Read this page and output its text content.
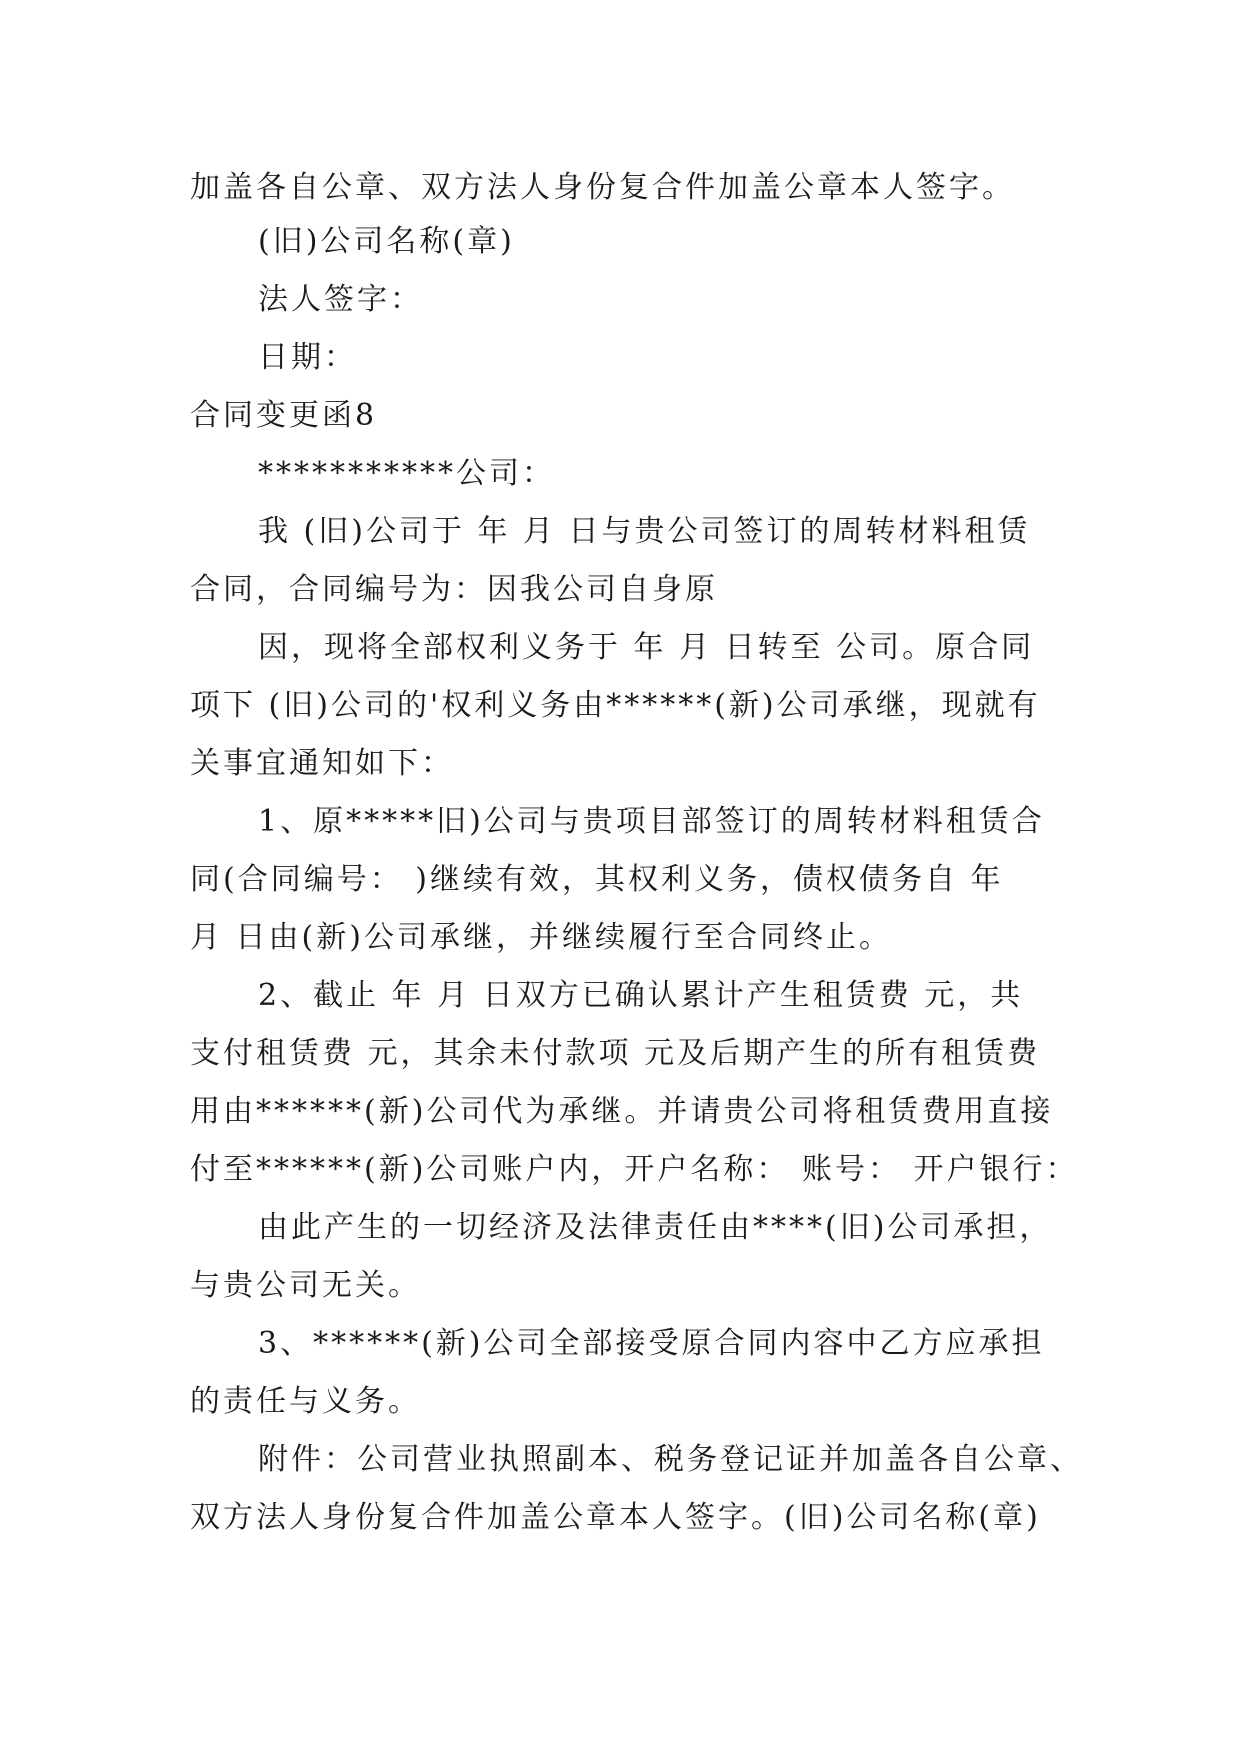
加盖各自公章、双方法人身份复合件加盖公章本人签字。
(旧)公司名称(章)
法人签字：
日期：
合同变更函8
***********公司：
我 (旧)公司于 年 月 日与贵公司签订的周转材料租赁
合同，合同编号为：因我公司自身原
因，现将全部权利义务于 年 月 日转至 公司。原合同
项下 (旧)公司的'权利义务由******(新)公司承继，现就有
关事宜通知如下：
1、原*****旧)公司与贵项目部签订的周转材料租赁合
同(合同编号： )继续有效，其权利义务，债权债务自 年
月 日由(新)公司承继，并继续履行至合同终止。
2、截止 年 月 日双方已确认累计产生租赁费 元，共
支付租赁费 元，其余未付款项 元及后期产生的所有租赁费
用由******(新)公司代为承继。并请贵公司将租赁费用直接
付至******(新)公司账户内，开户名称： 账号： 开户银行：
由此产生的一切经济及法律责任由****(旧)公司承担，
与贵公司无关。
3、******(新)公司全部接受原合同内容中乙方应承担
的责任与义务。
附件：公司营业执照副本、税务登记证并加盖各自公章、
双方法人身份复合件加盖公章本人签字。(旧)公司名称(章)
